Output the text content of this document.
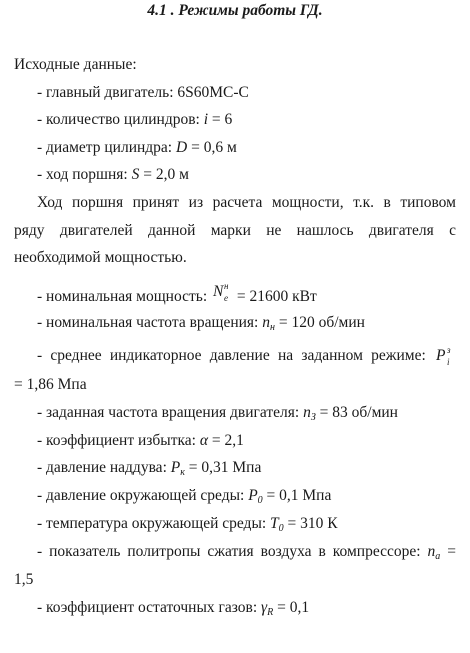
4.1 . Режимы работы ГД.
Исходные данные:
- главный двигатель: 6S60MC-C
- количество цилиндров: i = 6
- диаметр цилиндра: D = 0,6 м
- ход поршня: S = 2,0 м
Ход поршня принят из расчета мощности, т.к. в типовом
ряду двигателей данной марки не нашлось двигателя с
необходимой мощностью.
- номинальная мощность: N н
e = 21600 кВт
- номинальная частота вращения: $n_н = 120$ об/мин
- среднее индикаторное давление на заданном режиме: P з
i
= 1,86 Мпа
- заданная частота вращения двигателя: $n_З = 83$ об/мин
- коэффициент избытка: α = 2,1
- давление наддува: $P_к = 0,31$ Мпа
- давление окружающей среды: $P_0 = 0,1$ Мпа
- температура окружающей среды: $T_0 = 310$ К
- показатель политропы сжатия воздуха в компрессоре: $n_а$ =
1,5
- коэффициент остаточных газов: $\gamma_R = 0,1$
